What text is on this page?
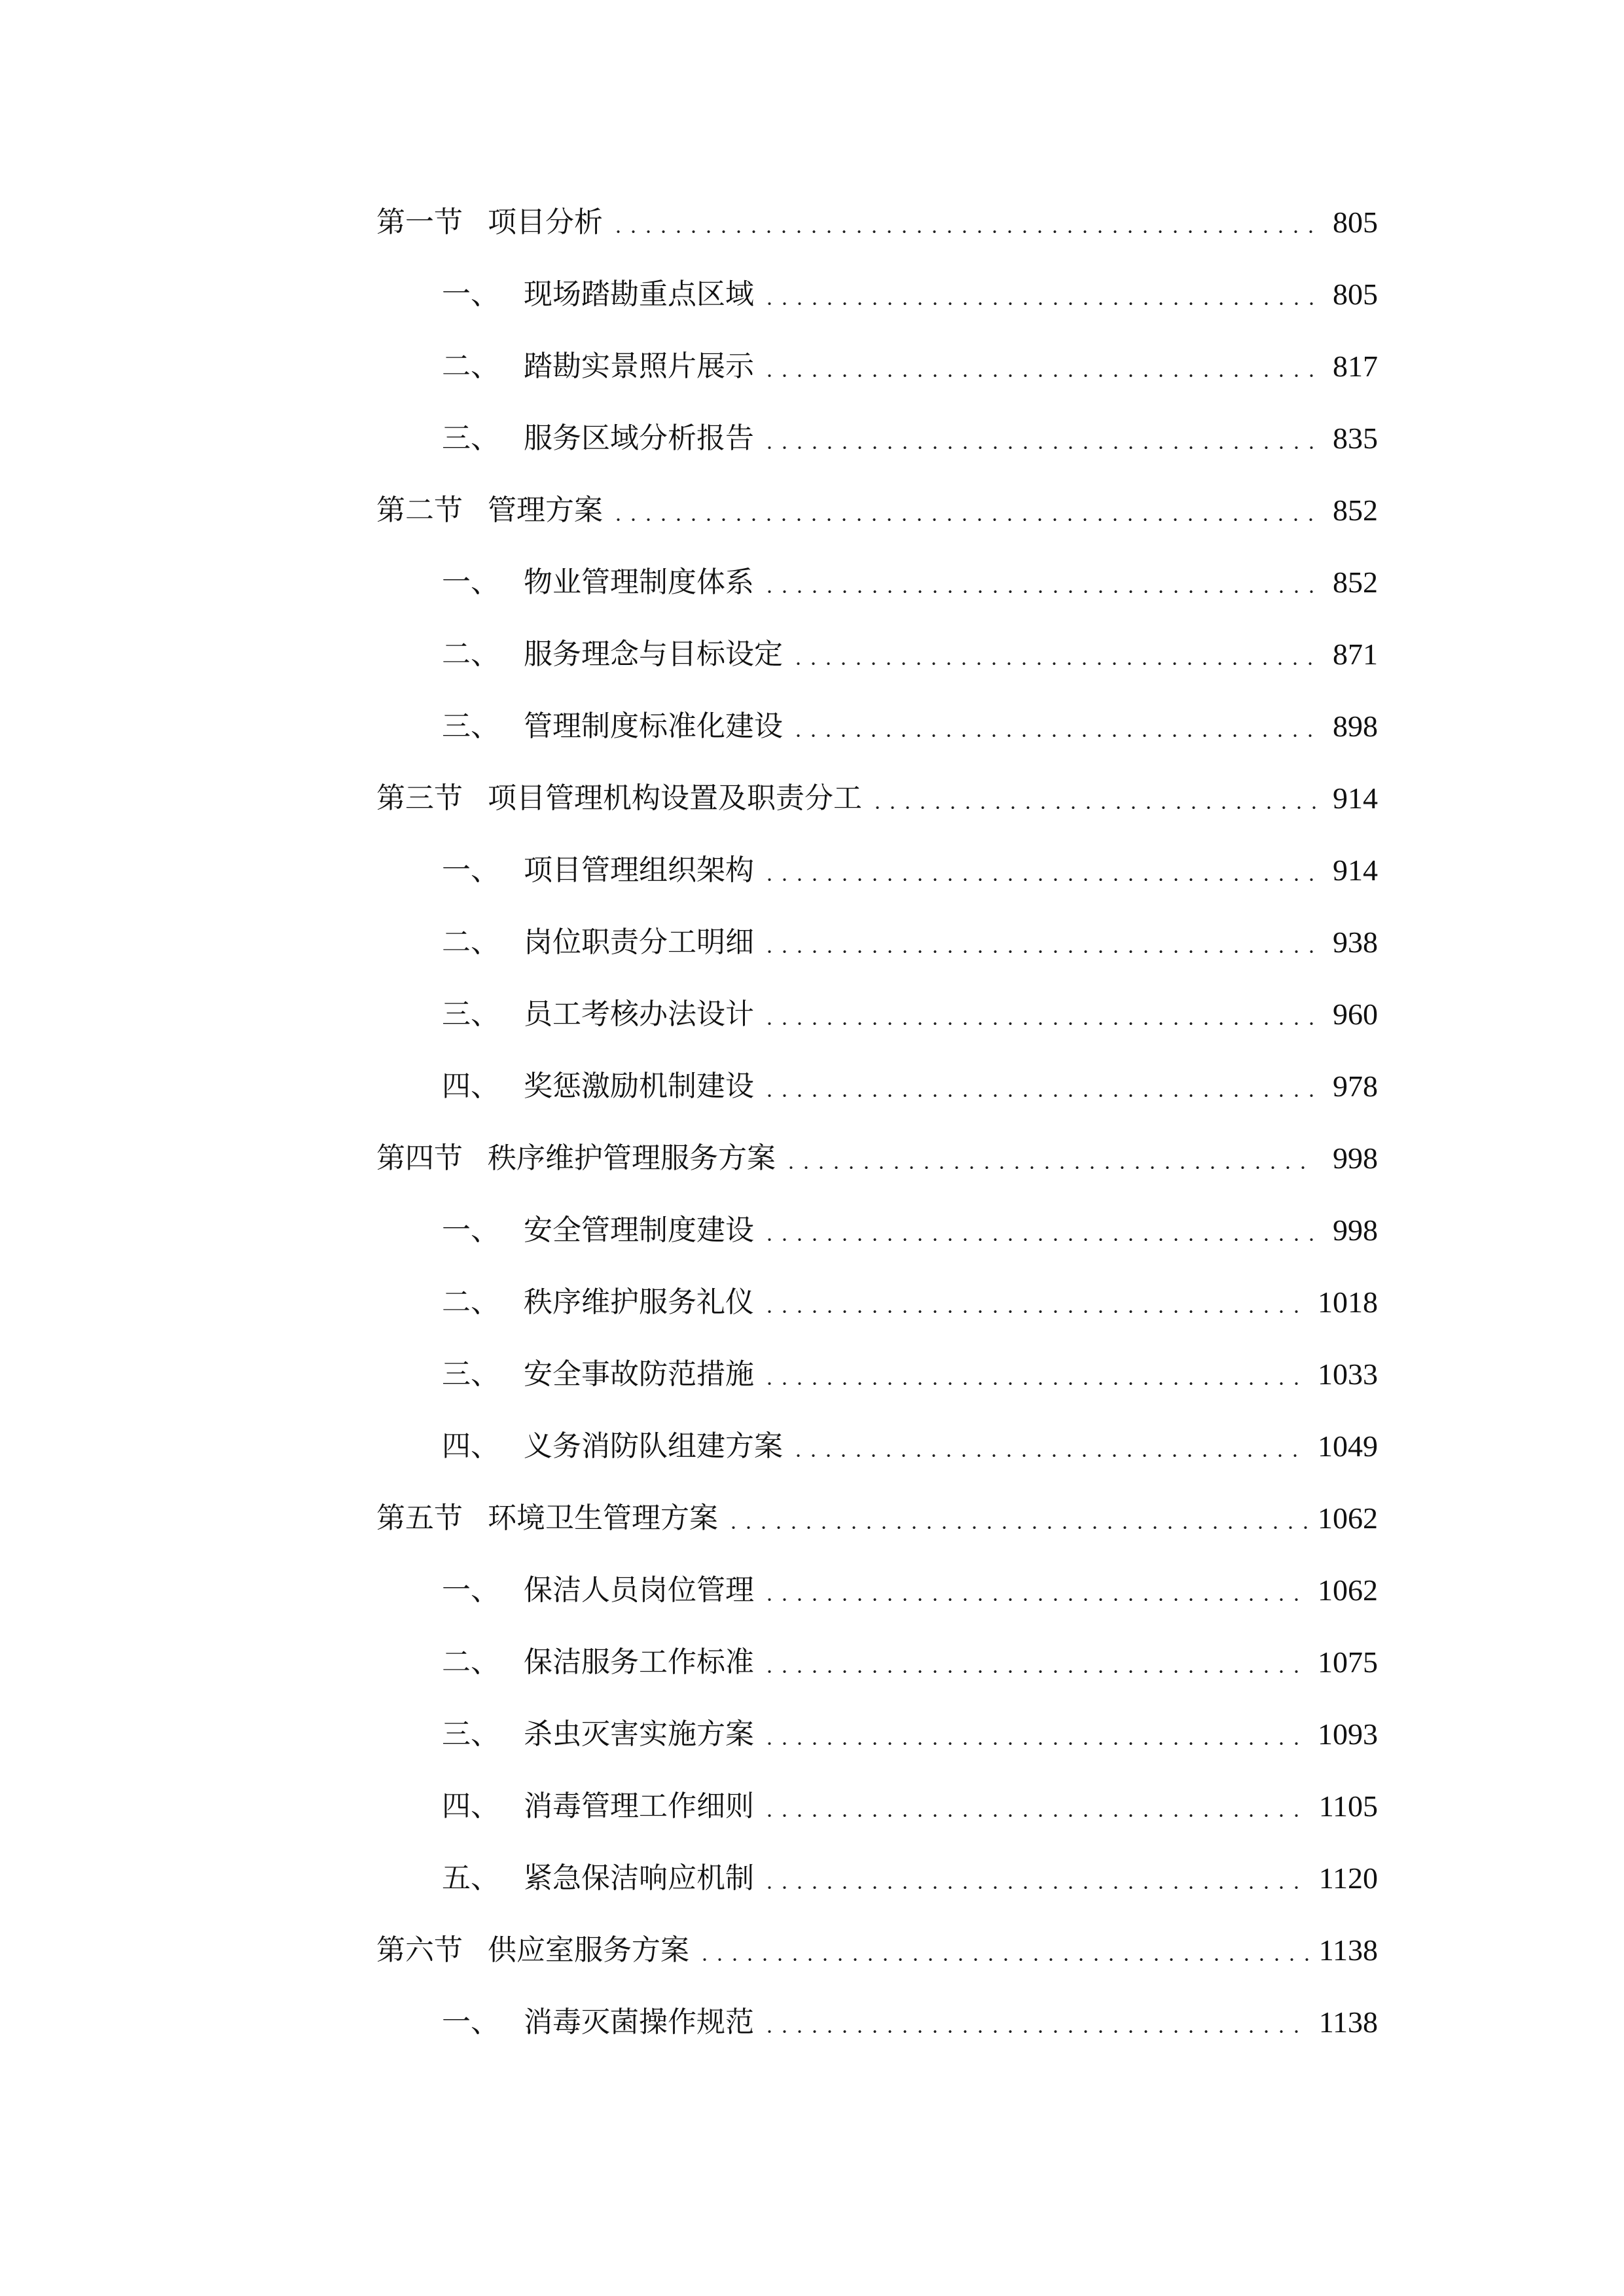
第一节 项目分析	805
一、 现场踏勘重点区域	805
二、 踏勘实景照片展示	817
三、 服务区域分析报告	835
第二节 管理方案	852
一、 物业管理制度体系	852
二、 服务理念与目标设定	871
三、 管理制度标准化建设	898
第三节 项目管理机构设置及职责分工	914
一、 项目管理组织架构	914
二、 岗位职责分工明细	938
三、 员工考核办法设计	960
四、 奖惩激励机制建设	978
第四节 秩序维护管理服务方案	998
一、 安全管理制度建设	998
二、 秩序维护服务礼仪	1018
三、 安全事故防范措施	1033
四、 义务消防队组建方案	1049
第五节 环境卫生管理方案	1062
一、 保洁人员岗位管理	1062
二、 保洁服务工作标准	1075
三、 杀虫灭害实施方案	1093
四、 消毒管理工作细则	1105
五、 紧急保洁响应机制	1120
第六节 供应室服务方案	1138
一、 消毒灭菌操作规范	1138
